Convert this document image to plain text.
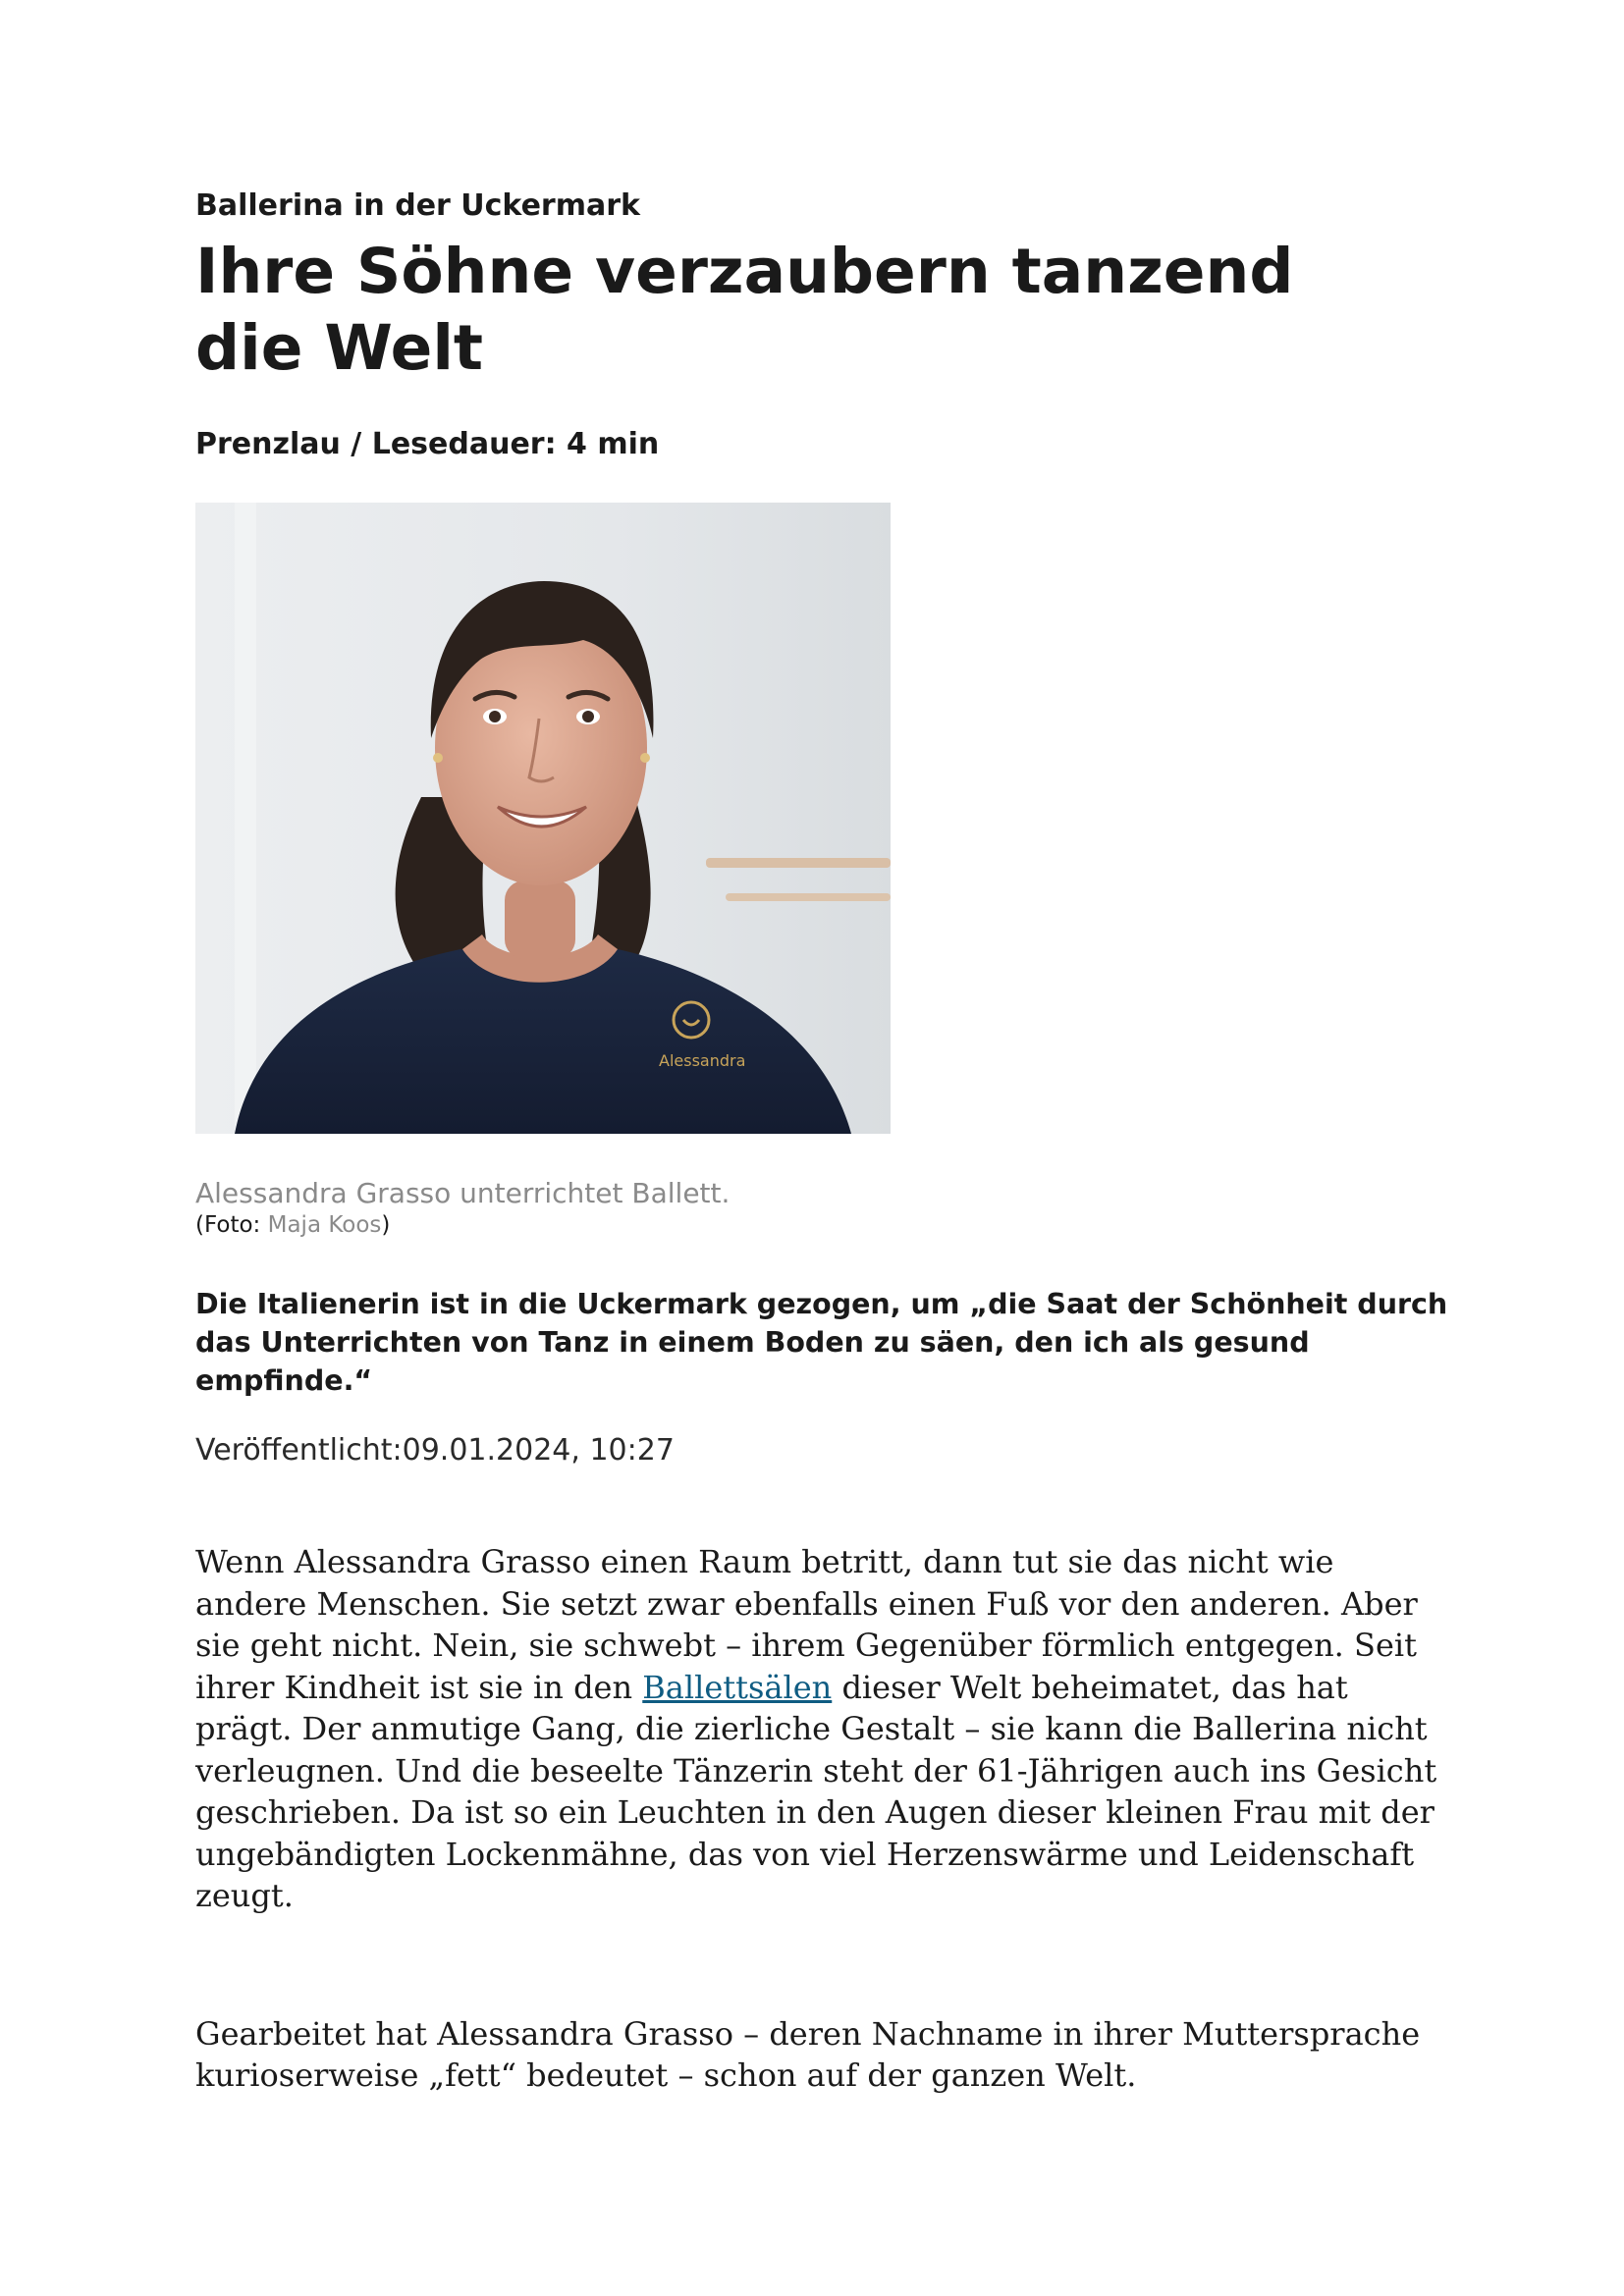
Ballerina in der Uckermark

Ihre Söhne verzaubern tanzend die Welt
Prenzlau / Lesedauer: 4 min
Alessandra
Alessandra Grasso unterrichtet Ballett.
(Foto: Maja Koos)
Die Italienerin ist in die Uckermark gezogen, um „die Saat der Schönheit durch das Unterrichten von Tanz in einem Boden zu säen, den ich als gesund empfinde.“
Veröffentlicht:09.01.2024, 10:27

Wenn Alessandra Grasso einen Raum betritt, dann tut sie das nicht wie andere Menschen. Sie setzt zwar ebenfalls einen Fuß vor den anderen. Aber sie geht nicht. Nein, sie schwebt – ihrem Gegenüber förmlich entgegen. Seit ihrer Kindheit ist sie in den Ballettsälen dieser Welt beheimatet, das hat prägt. Der anmutige Gang, die zierliche Gestalt – sie kann die Ballerina nicht verleugnen. Und die beseelte Tänzerin steht der 61-Jährigen auch ins Gesicht geschrieben. Da ist so ein Leuchten in den Augen dieser kleinen Frau mit der ungebändigten Lockenmähne, das von viel Herzenswärme und Leidenschaft zeugt.

Gearbeitet hat Alessandra Grasso – deren Nachname in ihrer Muttersprache kurioserweise „fett“ bedeutet – schon auf der ganzen Welt.
